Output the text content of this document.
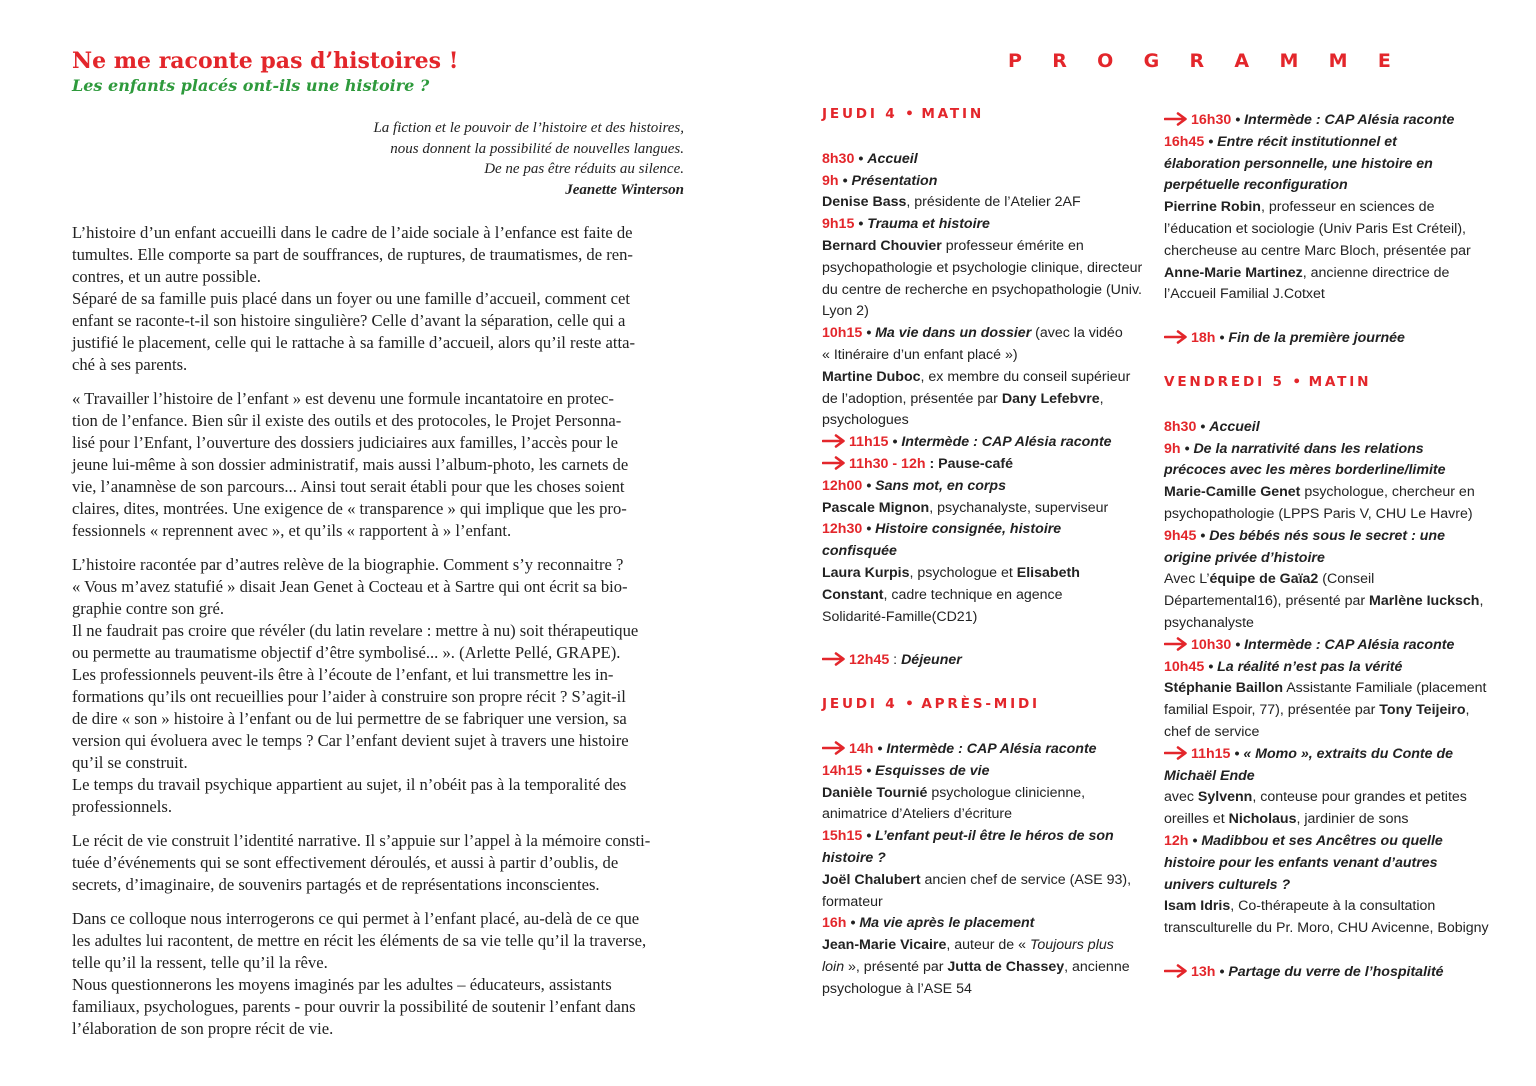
Ne me raconte pas d’histoires !
Les enfants placés ont-ils une histoire ?
La fiction et le pouvoir de l’histoire et des histoires,
nous donnent la possibilité de nouvelles langues.
De ne pas être réduits au silence.
Jeanette Winterson

L’histoire d’un enfant accueilli dans le cadre de l’aide sociale à l’enfance est faite de
tumultes. Elle comporte sa part de souffrances, de ruptures, de traumatismes, de ren-
contres, et un autre possible.
Séparé de sa famille puis placé dans un foyer ou une famille d’accueil, comment cet
enfant se raconte-t-il son histoire singulière? Celle d’avant la séparation, celle qui a
justifié le placement, celle qui le rattache à sa famille d’accueil, alors qu’il reste atta-
ché à ses parents.

« Travailler l’histoire de l’enfant » est devenu une formule incantatoire en protec-
tion de l’enfance. Bien sûr il existe des outils et des protocoles, le Projet Personna-
lisé pour l’Enfant, l’ouverture des dossiers judiciaires aux familles, l’accès pour le
jeune lui-même à son dossier administratif, mais aussi l’album-photo, les carnets de
vie, l’anamnèse de son parcours... Ainsi tout serait établi pour que les choses soient
claires, dites, montrées. Une exigence de « transparence » qui implique que les pro-
fessionnels « reprennent avec », et qu’ils « rapportent à » l’enfant.

L’histoire racontée par d’autres relève de la biographie. Comment s’y reconnaitre ?
« Vous m’avez statufié » disait Jean Genet à Cocteau et à Sartre qui ont écrit sa bio-
graphie contre son gré.
Il ne faudrait pas croire que révéler (du latin revelare : mettre à nu) soit thérapeutique
ou permette au traumatisme objectif d’être symbolisé... ». (Arlette Pellé, GRAPE).
Les professionnels peuvent-ils être à l’écoute de l’enfant, et lui transmettre les in-
formations qu’ils ont recueillies pour l’aider à construire son propre récit ? S’agit-il
de dire « son » histoire à l’enfant ou de lui permettre de se fabriquer une version, sa
version qui évoluera avec le temps ? Car l’enfant devient sujet à travers une histoire
qu’il se construit.
Le temps du travail psychique appartient au sujet, il n’obéit pas à la temporalité des
professionnels.

Le récit de vie construit l’identité narrative. Il s’appuie sur l’appel à la mémoire consti-
tuée d’événements qui se sont effectivement déroulés, et aussi à partir d’oublis, de
secrets, d’imaginaire, de souvenirs partagés et de représentations inconscientes.

Dans ce colloque nous interrogerons ce qui permet à l’enfant placé, au-delà de ce que
les adultes lui racontent, de mettre en récit les éléments de sa vie telle qu’il la traverse,
telle qu’il la ressent, telle qu’il la rêve.
Nous questionnerons les moyens imaginés par les adultes – éducateurs, assistants
familiaux, psychologues, parents - pour ouvrir la possibilité de soutenir l’enfant dans
l’élaboration de son propre récit de vie.

PROGRAMME
JEUDI 4 • MATIN
8h30 • Accueil
9h • Présentation
Denise Bass, présidente de l’Atelier 2AF
9h15 • Trauma et histoire
Bernard Chouvier professeur émérite en
psychopathologie et psychologie clinique, directeur
du centre de recherche en psychopathologie (Univ.
Lyon 2)
10h15 • Ma vie dans un dossier (avec la vidéo
« Itinéraire d’un enfant placé »)
Martine Duboc, ex membre du conseil supérieur
de l’adoption, présentée par Dany Lefebvre,
psychologues
11h15 • Intermède : CAP Alésia raconte
11h30 - 12h : Pause-café
12h00 • Sans mot, en corps
Pascale Mignon, psychanalyste, superviseur
12h30 • Histoire consignée, histoire
confisquée
Laura Kurpis, psychologue et Elisabeth
Constant, cadre technique en agence
Solidarité-Famille(CD21)
12h45 : Déjeuner
JEUDI 4 • APRÈS-MIDI
14h • Intermède : CAP Alésia raconte
14h15 • Esquisses de vie
Danièle Tournié psychologue clinicienne,
animatrice d’Ateliers d’écriture
15h15 • L’enfant peut-il être le héros de son
histoire ?
Joël Chalubert ancien chef de service (ASE 93),
formateur
16h • Ma vie après le placement
Jean-Marie Vicaire, auteur de « Toujours plus
loin », présenté par Jutta de Chassey, ancienne
psychologue à l’ASE 54
16h30 • Intermède : CAP Alésia raconte
16h45 • Entre récit institutionnel et
élaboration personnelle, une histoire en
perpétuelle reconfiguration
Pierrine Robin, professeur en sciences de
l’éducation et sociologie (Univ Paris Est Créteil),
chercheuse au centre Marc Bloch, présentée par
Anne-Marie Martinez, ancienne directrice de
l’Accueil Familial J.Cotxet
18h • Fin de la première journée
VENDREDI 5 • MATIN
8h30 • Accueil
9h • De la narrativité dans les relations
précoces avec les mères borderline/limite
Marie-Camille Genet psychologue, chercheur en
psychopathologie (LPPS Paris V, CHU Le Havre)
9h45 • Des bébés nés sous le secret : une
origine privée d’histoire
Avec L’équipe de Gaïa2 (Conseil
Départemental16), présenté par Marlène Iucksch,
psychanalyste
10h30 • Intermède : CAP Alésia raconte
10h45 • La réalité n’est pas la vérité
Stéphanie Baillon Assistante Familiale (placement
familial Espoir, 77), présentée par Tony Teijeiro,
chef de service
11h15 • « Momo », extraits du Conte de
Michaël Ende
avec Sylvenn, conteuse pour grandes et petites
oreilles et Nicholaus, jardinier de sons
12h • Madibbou et ses Ancêtres ou quelle
histoire pour les enfants venant d’autres
univers culturels ?
Isam Idris, Co-thérapeute à la consultation
transculturelle du Pr. Moro, CHU Avicenne, Bobigny
13h • Partage du verre de l’hospitalité
